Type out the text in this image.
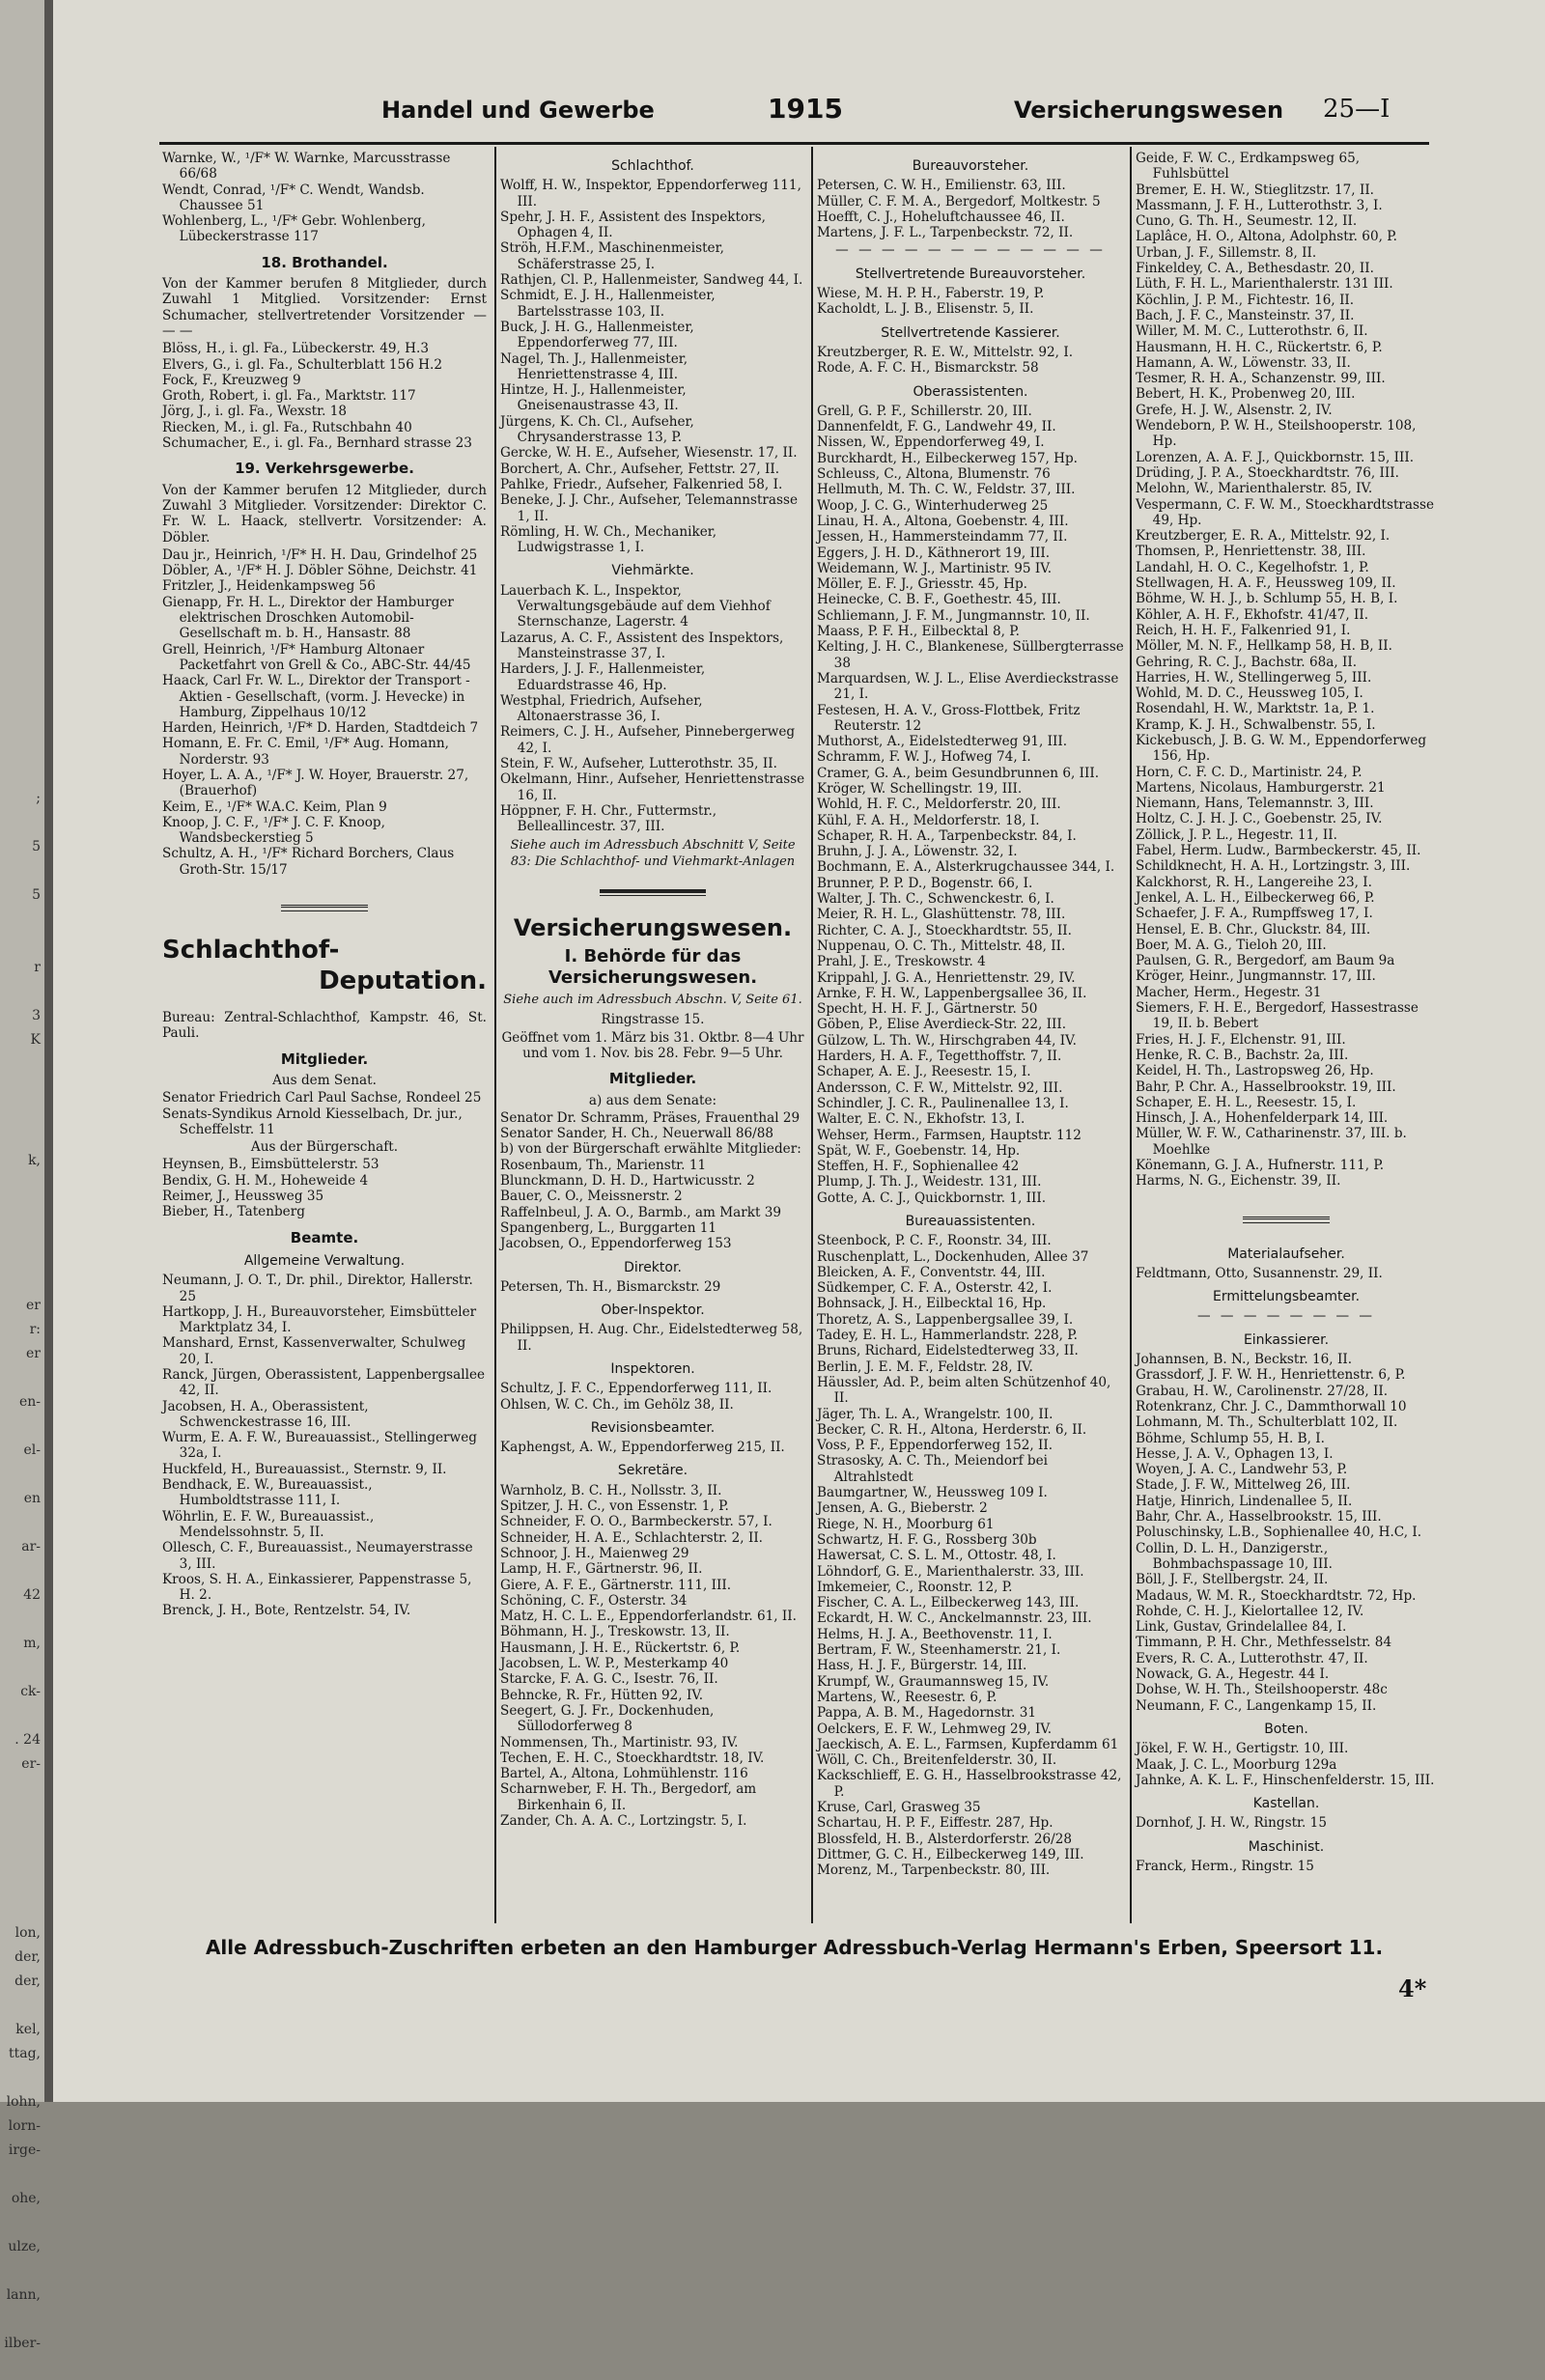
;

5

5

r

3
K

k,

er
r:
er

en-

el-

en

ar-

42

m,

ck-

. 24
er-

lon,
der,
der,

kel,
ttag,

lohn,
lorn-
irge-

ohe,

ulze,

lann,

ilber-

Handel und Gewerbe	1915	Versicherungswesen 25—I
Warnke, W., ¹/F* W. Warnke, Marcusstrasse 66/68
Wendt, Conrad, ¹/F* C. Wendt, Wandsb. Chaussee 51
Wohlenberg, L., ¹/F* Gebr. Wohlenberg, Lübeckerstrasse 117
18. Brothandel.
Von der Kammer berufen 8 Mitglieder, durch Zuwahl 1 Mitglied. Vorsitzender: Ernst Schumacher, stellvertretender Vorsitzender — — —
Blöss, H., i. gl. Fa., Lübeckerstr. 49, H.3
Elvers, G., i. gl. Fa., Schulterblatt 156 H.2
Fock, F., Kreuzweg 9
Groth, Robert, i. gl. Fa., Marktstr. 117
Jörg, J., i. gl. Fa., Wexstr. 18
Riecken, M., i. gl. Fa., Rutschbahn 40
Schumacher, E., i. gl. Fa., Bernhard strasse 23
19. Verkehrsgewerbe.
Von der Kammer berufen 12 Mitglieder, durch Zuwahl 3 Mitglieder. Vorsitzender: Direktor C. Fr. W. L. Haack, stellvertr. Vorsitzender: A. Döbler.
Dau jr., Heinrich, ¹/F* H. H. Dau, Grindelhof 25
Döbler, A., ¹/F* H. J. Döbler Söhne, Deichstr. 41
Fritzler, J., Heidenkampsweg 56
Gienapp, Fr. H. L., Direktor der Hamburger elektrischen Droschken Automobil-Gesellschaft m. b. H., Hansastr. 88
Grell, Heinrich, ¹/F* Hamburg Altonaer Packetfahrt von Grell & Co., ABC-Str. 44/45
Haack, Carl Fr. W. L., Direktor der Transport - Aktien - Gesellschaft, (vorm. J. Hevecke) in Hamburg, Zippelhaus 10/12
Harden, Heinrich, ¹/F* D. Harden, Stadtdeich 7
Homann, E. Fr. C. Emil, ¹/F* Aug. Homann, Norderstr. 93
Hoyer, L. A. A., ¹/F* J. W. Hoyer, Brauerstr. 27, (Brauerhof)
Keim, E., ¹/F* W.A.C. Keim, Plan 9
Knoop, J. C. F., ¹/F* J. C. F. Knoop, Wandsbeckerstieg 5
Schultz, A. H., ¹/F* Richard Borchers, Claus Groth-Str. 15/17
Schlachthof-
Deputation.
Bureau: Zentral-Schlachthof, Kampstr. 46, St. Pauli.
Mitglieder.
Aus dem Senat.
Senator Friedrich Carl Paul Sachse, Rondeel 25
Senats-Syndikus Arnold Kiesselbach, Dr. jur., Scheffelstr. 11
Aus der Bürgerschaft.
Heynsen, B., Eimsbüttelerstr. 53
Bendix, G. H. M., Hoheweide 4
Reimer, J., Heussweg 35
Bieber, H., Tatenberg
Beamte.
Allgemeine Verwaltung.
Neumann, J. O. T., Dr. phil., Direktor, Hallerstr. 25
Hartkopp, J. H., Bureauvorsteher, Eimsbütteler Marktplatz 34, I.
Manshard, Ernst, Kassenverwalter, Schulweg 20, I.
Ranck, Jürgen, Oberassistent, Lappenbergsallee 42, II.
Jacobsen, H. A., Oberassistent, Schwenckestrasse 16, III.
Wurm, E. A. F. W., Bureauassist., Stellingerweg 32a, I.
Huckfeld, H., Bureauassist., Sternstr. 9, II.
Bendhack, E. W., Bureauassist., Humboldtstrasse 111, I.
Wöhrlin, E. F. W., Bureauassist., Mendelssohnstr. 5, II.
Ollesch, C. F., Bureauassist., Neumayerstrasse 3, III.
Kroos, S. H. A., Einkassierer, Pappenstrasse 5, H. 2.
Brenck, J. H., Bote, Rentzelstr. 54, IV.
Schlachthof.
Wolff, H. W., Inspektor, Eppendorferweg 111, III.
Spehr, J. H. F., Assistent des Inspektors, Ophagen 4, II.
Ströh, H.F.M., Maschinenmeister, Schäferstrasse 25, I.
Rathjen, Cl. P., Hallenmeister, Sandweg 44, I.
Schmidt, E. J. H., Hallenmeister, Bartelsstrasse 103, II.
Buck, J. H. G., Hallenmeister, Eppendorferweg 77, III.
Nagel, Th. J., Hallenmeister, Henriettenstrasse 4, III.
Hintze, H. J., Hallenmeister, Gneisenaustrasse 43, II.
Jürgens, K. Ch. Cl., Aufseher, Chrysanderstrasse 13, P.
Gercke, W. H. E., Aufseher, Wiesenstr. 17, II.
Borchert, A. Chr., Aufseher, Fettstr. 27, II.
Pahlke, Friedr., Aufseher, Falkenried 58, I.
Beneke, J. J. Chr., Aufseher, Telemannstrasse 1, II.
Römling, H. W. Ch., Mechaniker, Ludwigstrasse 1, I.
Viehmärkte.
Lauerbach K. L., Inspektor, Verwaltungsgebäude auf dem Viehhof Sternschanze, Lagerstr. 4
Lazarus, A. C. F., Assistent des Inspektors, Mansteinstrasse 37, I.
Harders, J. J. F., Hallenmeister, Eduardstrasse 46, Hp.
Westphal, Friedrich, Aufseher, Altonaerstrasse 36, I.
Reimers, C. J. H., Aufseher, Pinnebergerweg 42, I.
Stein, F. W., Aufseher, Lutterothstr. 35, II.
Okelmann, Hinr., Aufseher, Henriettenstrasse 16, II.
Höppner, F. H. Chr., Futtermstr., Belleallincestr. 37, III.
Siehe auch im Adressbuch Abschnitt V, Seite 83: Die Schlachthof- und Viehmarkt-Anlagen
Versicherungswesen.
I. Behörde für das Versicherungswesen.
Siehe auch im Adressbuch Abschn. V, Seite 61.
Ringstrasse 15.
Geöffnet vom 1. März bis 31. Oktbr. 8—4 Uhr und vom 1. Nov. bis 28. Febr. 9—5 Uhr.
Mitglieder.
a) aus dem Senate:
Senator Dr. Schramm, Präses, Frauenthal 29
Senator Sander, H. Ch., Neuerwall 86/88
b) von der Bürgerschaft erwählte Mitglieder:
Rosenbaum, Th., Marienstr. 11
Blunckmann, D. H. D., Hartwicusstr. 2
Bauer, C. O., Meissnerstr. 2
Raffelnbeul, J. A. O., Barmb., am Markt 39
Spangenberg, L., Burggarten 11
Jacobsen, O., Eppendorferweg 153
Direktor.
Petersen, Th. H., Bismarckstr. 29
Ober-Inspektor.
Philippsen, H. Aug. Chr., Eidelstedterweg 58, II.
Inspektoren.
Schultz, J. F. C., Eppendorferweg 111, II.
Ohlsen, W. C. Ch., im Gehölz 38, II.
Revisionsbeamter.
Kaphengst, A. W., Eppendorferweg 215, II.
Sekretäre.
Warnholz, B. C. H., Nollsstr. 3, II.
Spitzer, J. H. C., von Essenstr. 1, P.
Schneider, F. O. O., Barmbeckerstr. 57, I.
Schneider, H. A. E., Schlachterstr. 2, II.
Schnoor, J. H., Maienweg 29
Lamp, H. F., Gärtnerstr. 96, II.
Giere, A. F. E., Gärtnerstr. 111, III.
Schöning, C. F., Osterstr. 34
Matz, H. C. L. E., Eppendorferlandstr. 61, II.
Böhmann, H. J., Treskowstr. 13, II.
Hausmann, J. H. E., Rückertstr. 6, P.
Jacobsen, L. W. P., Mesterkamp 40
Starcke, F. A. G. C., Isestr. 76, II.
Behncke, R. Fr., Hütten 92, IV.
Seegert, G. J. Fr., Dockenhuden, Süllodorferweg 8
Nommensen, Th., Martinistr. 93, IV.
Techen, E. H. C., Stoeckhardtstr. 18, IV.
Bartel, A., Altona, Lohmühlenstr. 116
Scharnweber, F. H. Th., Bergedorf, am Birkenhain 6, II.
Zander, Ch. A. A. C., Lortzingstr. 5, I.
Bureauvorsteher.
Petersen, C. W. H., Emilienstr. 63, III.
Müller, C. F. M. A., Bergedorf, Moltkestr. 5
Hoefft, C. J., Hoheluftchaussee 46, II.
Martens, J. F. L., Tarpenbeckstr. 72, II.
— — — — — — — — — — — —
Stellvertretende Bureauvorsteher.
Wiese, M. H. P. H., Faberstr. 19, P.
Kacholdt, L. J. B., Elisenstr. 5, II.
Stellvertretende Kassierer.
Kreutzberger, R. E. W., Mittelstr. 92, I.
Rode, A. F. C. H., Bismarckstr. 58
Oberassistenten.
Grell, G. P. F., Schillerstr. 20, III.
Dannenfeldt, F. G., Landwehr 49, II.
Nissen, W., Eppendorferweg 49, I.
Burckhardt, H., Eilbeckerweg 157, Hp.
Schleuss, C., Altona, Blumenstr. 76
Hellmuth, M. Th. C. W., Feldstr. 37, III.
Woop, J. C. G., Winterhuderweg 25
Linau, H. A., Altona, Goebenstr. 4, III.
Jessen, H., Hammersteindamm 77, II.
Eggers, J. H. D., Käthnerort 19, III.
Weidemann, W. J., Martinistr. 95 IV.
Möller, E. F. J., Griesstr. 45, Hp.
Heinecke, C. B. F., Goethestr. 45, III.
Schliemann, J. F. M., Jungmannstr. 10, II.
Maass, P. F. H., Eilbecktal 8, P.
Kelting, J. H. C., Blankenese, Süllbergterrasse 38
Marquardsen, W. J. L., Elise Averdieckstrasse 21, I.
Festesen, H. A. V., Gross-Flottbek, Fritz Reuterstr. 12
Muthorst, A., Eidelstedterweg 91, III.
Schramm, F. W. J., Hofweg 74, I.
Cramer, G. A., beim Gesundbrunnen 6, III.
Kröger, W. Schellingstr. 19, III.
Wohld, H. F. C., Meldorferstr. 20, III.
Kühl, F. A. H., Meldorferstr. 18, I.
Schaper, R. H. A., Tarpenbeckstr. 84, I.
Bruhn, J. J. A., Löwenstr. 32, I.
Bochmann, E. A., Alsterkrugchaussee 344, I.
Brunner, P. P. D., Bogenstr. 66, I.
Walter, J. Th. C., Schwenckestr. 6, I.
Meier, R. H. L., Glashüttenstr. 78, III.
Richter, C. A. J., Stoeckhardtstr. 55, II.
Nuppenau, O. C. Th., Mittelstr. 48, II.
Prahl, J. E., Treskowstr. 4
Krippahl, J. G. A., Henriettenstr. 29, IV.
Arnke, F. H. W., Lappenbergsallee 36, II.
Specht, H. H. F. J., Gärtnerstr. 50
Göben, P., Elise Averdieck-Str. 22, III.
Gülzow, L. Th. W., Hirschgraben 44, IV.
Harders, H. A. F., Tegetthoffstr. 7, II.
Schaper, A. E. J., Reesestr. 15, I.
Andersson, C. F. W., Mittelstr. 92, III.
Schindler, J. C. R., Paulinenallee 13, I.
Walter, E. C. N., Ekhofstr. 13, I.
Wehser, Herm., Farmsen, Hauptstr. 112
Spät, W. F., Goebenstr. 14, Hp.
Steffen, H. F., Sophienallee 42
Plump, J. Th. J., Weidestr. 131, III.
Gotte, A. C. J., Quickbornstr. 1, III.
Bureauassistenten.
Steenbock, P. C. F., Roonstr. 34, III.
Ruschenplatt, L., Dockenhuden, Allee 37
Bleicken, A. F., Conventstr. 44, III.
Südkemper, C. F. A., Osterstr. 42, I.
Bohnsack, J. H., Eilbecktal 16, Hp.
Thoretz, A. S., Lappenbergsallee 39, I.
Tadey, E. H. L., Hammerlandstr. 228, P.
Bruns, Richard, Eidelstedterweg 33, II.
Berlin, J. E. M. F., Feldstr. 28, IV.
Häussler, Ad. P., beim alten Schützenhof 40, II.
Jäger, Th. L. A., Wrangelstr. 100, II.
Becker, C. R. H., Altona, Herderstr. 6, II.
Voss, P. F., Eppendorferweg 152, II.
Strasosky, A. C. Th., Meiendorf bei Altrahlstedt
Baumgartner, W., Heussweg 109 I.
Jensen, A. G., Bieberstr. 2
Riege, N. H., Moorburg 61
Schwartz, H. F. G., Rossberg 30b
Hawersat, C. S. L. M., Ottostr. 48, I.
Löhndorf, G. E., Marienthalerstr. 33, III.
Imkemeier, C., Roonstr. 12, P.
Fischer, C. A. L., Eilbeckerweg 143, III.
Eckardt, H. W. C., Anckelmannstr. 23, III.
Helms, H. J. A., Beethovenstr. 11, I.
Bertram, F. W., Steenhamerstr. 21, I.
Hass, H. J. F., Bürgerstr. 14, III.
Krumpf, W., Graumannsweg 15, IV.
Martens, W., Reesestr. 6, P.
Pappa, A. B. M., Hagedornstr. 31
Oelckers, E. F. W., Lehmweg 29, IV.
Jaeckisch, A. E. L., Farmsen, Kupferdamm 61
Wöll, C. Ch., Breitenfelderstr. 30, II.
Kackschlieff, E. G. H., Hasselbrookstrasse 42, P.
Kruse, Carl, Grasweg 35
Schartau, H. P. F., Eiffestr. 287, Hp.
Blossfeld, H. B., Alsterdorferstr. 26/28
Dittmer, G. C. H., Eilbeckerweg 149, III.
Morenz, M., Tarpenbeckstr. 80, III.
Geide, F. W. C., Erdkampsweg 65, Fuhlsbüttel
Bremer, E. H. W., Stieglitzstr. 17, II.
Massmann, J. F. H., Lutterothstr. 3, I.
Cuno, G. Th. H., Seumestr. 12, II.
Laplâce, H. O., Altona, Adolphstr. 60, P.
Urban, J. F., Sillemstr. 8, II.
Finkeldey, C. A., Bethesdastr. 20, II.
Lüth, F. H. L., Marienthalerstr. 131 III.
Köchlin, J. P. M., Fichtestr. 16, II.
Bach, J. F. C., Mansteinstr. 37, II.
Willer, M. M. C., Lutterothstr. 6, II.
Hausmann, H. H. C., Rückertstr. 6, P.
Hamann, A. W., Löwenstr. 33, II.
Tesmer, R. H. A., Schanzenstr. 99, III.
Bebert, H. K., Probenweg 20, III.
Grefe, H. J. W., Alsenstr. 2, IV.
Wendeborn, P. W. H., Steilshooperstr. 108, Hp.
Lorenzen, A. A. F. J., Quickbornstr. 15, III.
Drüding, J. P. A., Stoeckhardtstr. 76, III.
Melohn, W., Marienthalerstr. 85, IV.
Vespermann, C. F. W. M., Stoeckhardtstrasse 49, Hp.
Kreutzberger, E. R. A., Mittelstr. 92, I.
Thomsen, P., Henriettenstr. 38, III.
Landahl, H. O. C., Kegelhofstr. 1, P.
Stellwagen, H. A. F., Heussweg 109, II.
Böhme, W. H. J., b. Schlump 55, H. B, I.
Köhler, A. H. F., Ekhofstr. 41/47, II.
Reich, H. H. F., Falkenried 91, I.
Möller, M. N. F., Hellkamp 58, H. B, II.
Gehring, R. C. J., Bachstr. 68a, II.
Harries, H. W., Stellingerweg 5, III.
Wohld, M. D. C., Heussweg 105, I.
Rosendahl, H. W., Marktstr. 1a, P. 1.
Kramp, K. J. H., Schwalbenstr. 55, I.
Kickebusch, J. B. G. W. M., Eppendorferweg 156, Hp.
Horn, C. F. C. D., Martinistr. 24, P.
Martens, Nicolaus, Hamburgerstr. 21
Niemann, Hans, Telemannstr. 3, III.
Holtz, C. J. H. J. C., Goebenstr. 25, IV.
Zöllick, J. P. L., Hegestr. 11, II.
Fabel, Herm. Ludw., Barmbeckerstr. 45, II.
Schildknecht, H. A. H., Lortzingstr. 3, III.
Kalckhorst, R. H., Langereihe 23, I.
Jenkel, A. L. H., Eilbeckerweg 66, P.
Schaefer, J. F. A., Rumpffsweg 17, I.
Hensel, E. B. Chr., Gluckstr. 84, III.
Boer, M. A. G., Tieloh 20, III.
Paulsen, G. R., Bergedorf, am Baum 9a
Kröger, Heinr., Jungmannstr. 17, III.
Macher, Herm., Hegestr. 31
Siemers, F. H. E., Bergedorf, Hassestrasse 19, II. b. Bebert
Fries, H. J. F., Elchenstr. 91, III.
Henke, R. C. B., Bachstr. 2a, III.
Keidel, H. Th., Lastropsweg 26, Hp.
Bahr, P. Chr. A., Hasselbrookstr. 19, III.
Schaper, E. H. L., Reesestr. 15, I.
Hinsch, J. A., Hohenfelderpark 14, III.
Müller, W. F. W., Catharinenstr. 37, III. b. Moehlke
Könemann, G. J. A., Hufnerstr. 111, P.
Harms, N. G., Eichenstr. 39, II.
Materialaufseher.
Feldtmann, Otto, Susannenstr. 29, II.
Ermittelungsbeamter.
— — — — — — — —
Einkassierer.
Johannsen, B. N., Beckstr. 16, II.
Grassdorf, J. F. W. H., Henriettenstr. 6, P.
Grabau, H. W., Carolinenstr. 27/28, II.
Rotenkranz, Chr. J. C., Dammthorwall 10
Lohmann, M. Th., Schulterblatt 102, II.
Böhme, Schlump 55, H. B, I.
Hesse, J. A. V., Ophagen 13, I.
Woyen, J. A. C., Landwehr 53, P.
Stade, J. F. W., Mittelweg 26, III.
Hatje, Hinrich, Lindenallee 5, II.
Bahr, Chr. A., Hasselbrookstr. 15, III.
Poluschinsky, L.B., Sophienallee 40, H.C, I.
Collin, D. L. H., Danzigerstr., Bohmbachspassage 10, III.
Böll, J. F., Stellbergstr. 24, II.
Madaus, W. M. R., Stoeckhardtstr. 72, Hp.
Rohde, C. H. J., Kielortallee 12, IV.
Link, Gustav, Grindelallee 84, I.
Timmann, P. H. Chr., Methfesselstr. 84
Evers, R. C. A., Lutterothstr. 47, II.
Nowack, G. A., Hegestr. 44 I.
Dohse, W. H. Th., Steilshooperstr. 48c
Neumann, F. C., Langenkamp 15, II.
Boten.
Jökel, F. W. H., Gertigstr. 10, III.
Maak, J. C. L., Moorburg 129a
Jahnke, A. K. L. F., Hinschenfelderstr. 15, III.
Kastellan.
Dornhof, J. H. W., Ringstr. 15
Maschinist.
Franck, Herm., Ringstr. 15
Alle Adressbuch-Zuschriften erbeten an den Hamburger Adressbuch-Verlag Hermann's Erben, Speersort 11.
4*
